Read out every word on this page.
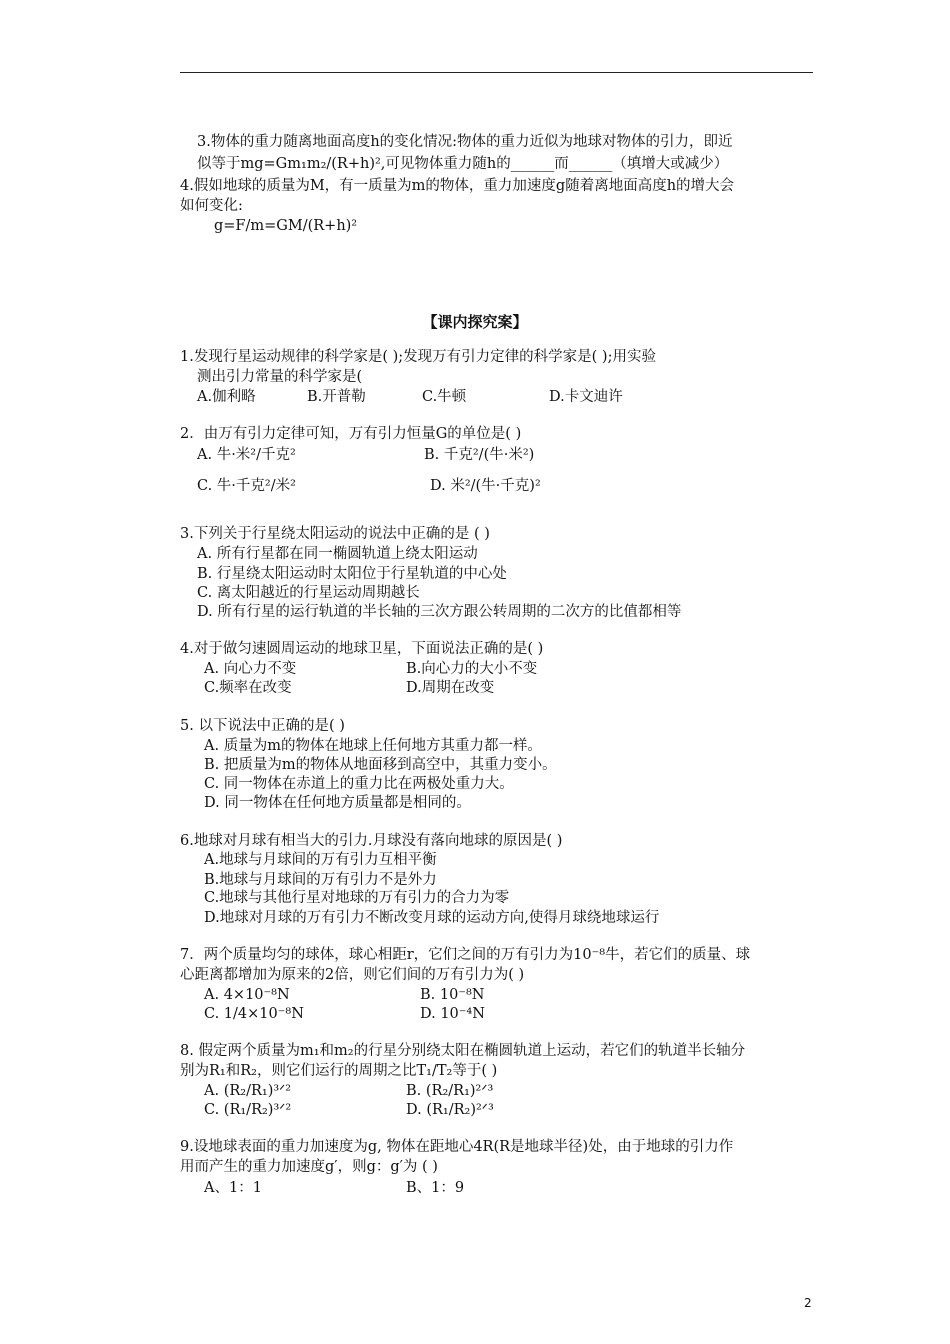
3.物体的重力随离地面高度h的变化情况:物体的重力近似为地球对物体的引力，即近
似等于mg=Gm₁m₂/(R+h)²,可见物体重力随h的______而______（填增大或减少）
4.假如地球的质量为M，有一质量为m的物体，重力加速度g随着离地面高度h的增大会
如何变化:
g=F/m=GM/(R+h)²
【课内探究案】
1.发现行星运动规律的科学家是( );发现万有引力定律的科学家是( );用实验
测出引力常量的科学家是(
A.伽利略	B.开普勒	C.牛顿	D.卡文迪许
2．由万有引力定律可知，万有引力恒量G的单位是( )
A. 牛·米²/千克²	B. 千克²/(牛·米²)
C. 牛·千克²/米²	D. 米²/(牛·千克)²
3.下列关于行星绕太阳运动的说法中正确的是 ( )
A. 所有行星都在同一椭圆轨道上绕太阳运动
B. 行星绕太阳运动时太阳位于行星轨道的中心处
C. 离太阳越近的行星运动周期越长
D. 所有行星的运行轨道的半长轴的三次方跟公转周期的二次方的比值都相等
4.对于做匀速圆周运动的地球卫星，下面说法正确的是( )
A. 向心力不变	B.向心力的大小不变
C.频率在改变	D.周期在改变
5. 以下说法中正确的是( )
A. 质量为m的物体在地球上任何地方其重力都一样。
B. 把质量为m的物体从地面移到高空中，其重力变小。
C. 同一物体在赤道上的重力比在两极处重力大。
D. 同一物体在任何地方质量都是相同的。
6.地球对月球有相当大的引力.月球没有落向地球的原因是( )
A.地球与月球间的万有引力互相平衡
B.地球与月球间的万有引力不是外力
C.地球与其他行星对地球的万有引力的合力为零
D.地球对月球的万有引力不断改变月球的运动方向,使得月球绕地球运行
7．两个质量均匀的球体，球心相距r，它们之间的万有引力为10⁻⁸牛，若它们的质量、球
心距离都增加为原来的2倍，则它们间的万有引力为( )
A. 4×10⁻⁸N	B. 10⁻⁸N
C. 1/4×10⁻⁸N	D. 10⁻⁴N
8. 假定两个质量为m₁和m₂的行星分别绕太阳在椭圆轨道上运动，若它们的轨道半长轴分
别为R₁和R₂，则它们运行的周期之比T₁/T₂等于( )
A. (R₂/R₁)³ᐟ²	B. (R₂/R₁)²ᐟ³
C. (R₁/R₂)³ᐟ²	D. (R₁/R₂)²ᐟ³
9.设地球表面的重力加速度为g, 物体在距地心4R(R是地球半径)处，由于地球的引力作
用而产生的重力加速度g′，则g：g′为 ( )
A、1：1	B、1：9
2
